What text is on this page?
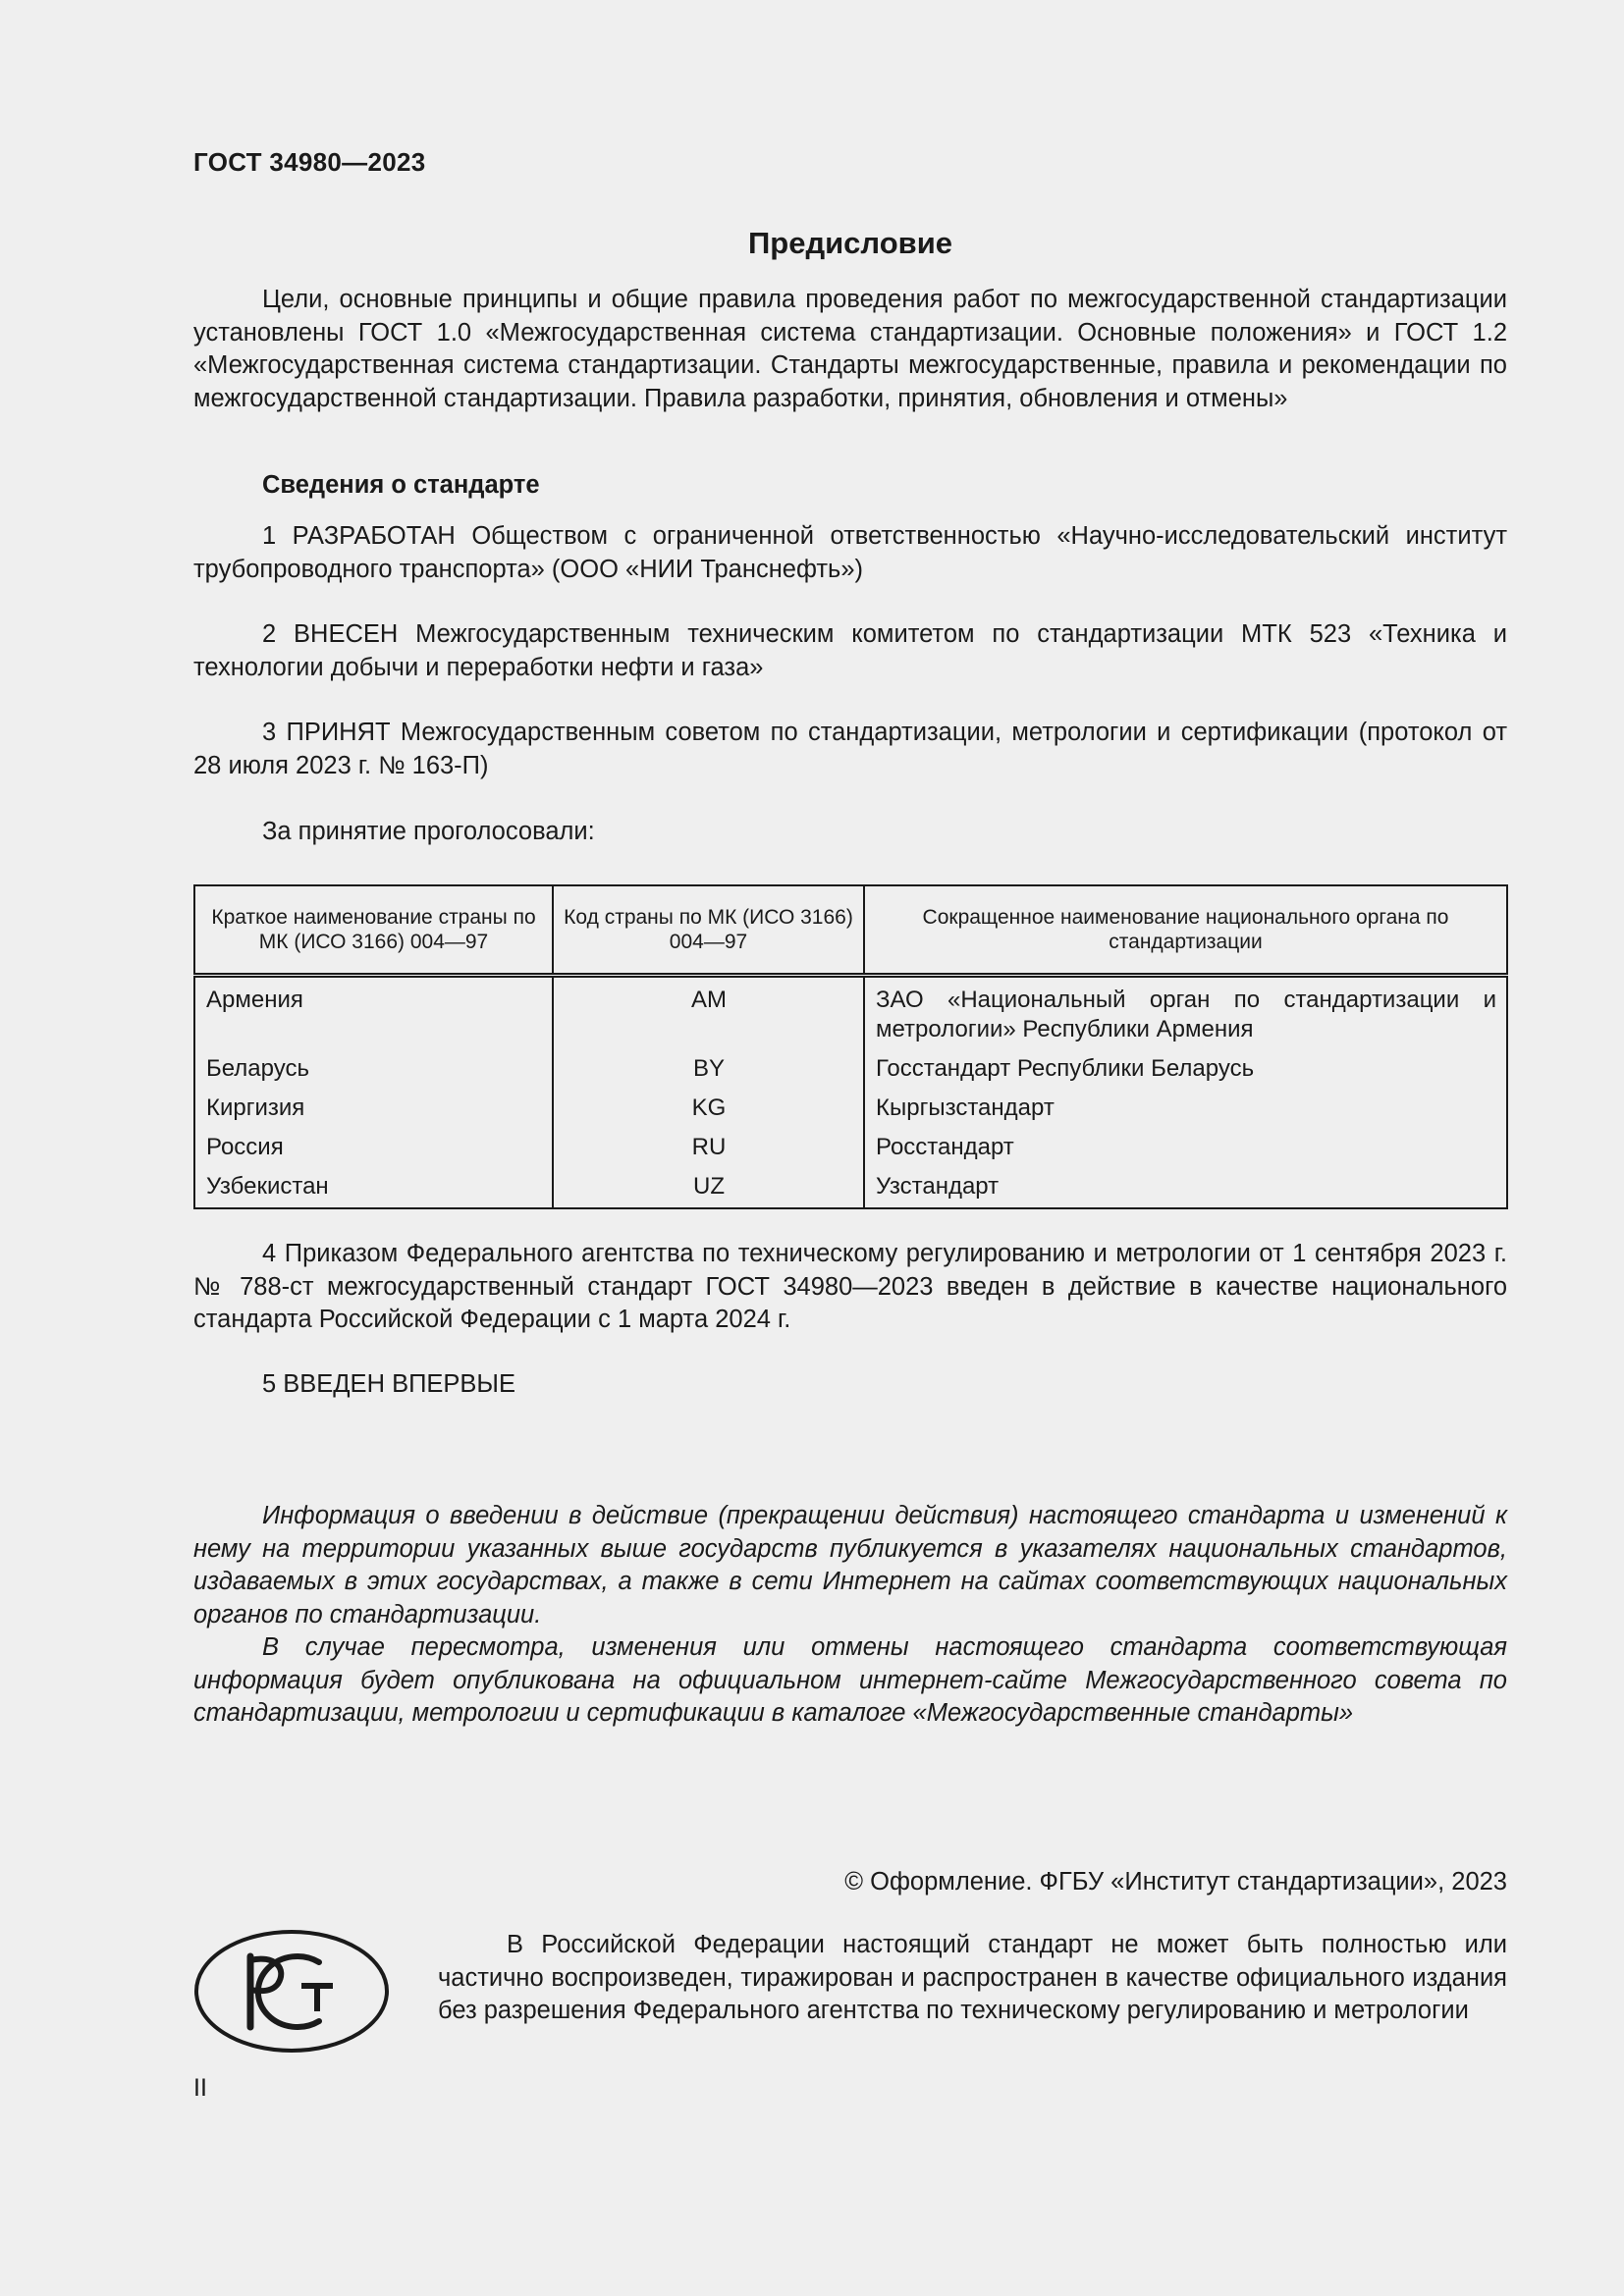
ГОСТ 34980—2023
Предисловие

Цели, основные принципы и общие правила проведения работ по межгосударственной стандартизации установлены ГОСТ 1.0 «Межгосударственная система стандартизации. Основные положения» и ГОСТ 1.2 «Межгосударственная система стандартизации. Стандарты межгосударственные, правила и рекомендации по межгосударственной стандартизации. Правила разработки, принятия, обновления и отмены»

Сведения о стандарте

1 РАЗРАБОТАН Обществом с ограниченной ответственностью «Научно-исследовательский институт трубопроводного транспорта» (ООО «НИИ Транснефть»)

2 ВНЕСЕН Межгосударственным техническим комитетом по стандартизации МТК 523 «Техника и технологии добычи и переработки нефти и газа»

3 ПРИНЯТ Межгосударственным советом по стандартизации, метрологии и сертификации (протокол от 28 июля 2023 г. № 163-П)

За принятие проголосовали:
Краткое наименование страны по МК (ИСО 3166) 004—97	Код страны по МК (ИСО 3166) 004—97	Сокращенное наименование национального органа по стандартизации
Армения	AM	ЗАО «Национальный орган по стандартизации и метрологии» Республики Армения
Беларусь	BY	Госстандарт Республики Беларусь
Киргизия	KG	Кыргызстандарт
Россия	RU	Росстандарт
Узбекистан	UZ	Узстандарт

4 Приказом Федерального агентства по техническому регулированию и метрологии от 1 сентября 2023 г. № 788-ст межгосударственный стандарт ГОСТ 34980—2023 введен в действие в качестве национального стандарта Российской Федерации с 1 марта 2024 г.

5 ВВЕДЕН ВПЕРВЫЕ

Информация о введении в действие (прекращении действия) настоящего стандарта и изменений к нему на территории указанных выше государств публикуется в указателях национальных стандартов, издаваемых в этих государствах, а также в сети Интернет на сайтах соответствующих национальных органов по стандартизации.

В случае пересмотра, изменения или отмены настоящего стандарта соответствующая информация будет опубликована на официальном интернет-сайте Межгосударственного совета по стандартизации, метрологии и сертификации в каталоге «Межгосударственные стандарты»

© Оформление. ФГБУ «Институт стандартизации», 2023

В Российской Федерации настоящий стандарт не может быть полностью или частично воспроизведен, тиражирован и распространен в качестве официального издания без разрешения Федерального агентства по техническому регулированию и метрологии

II
